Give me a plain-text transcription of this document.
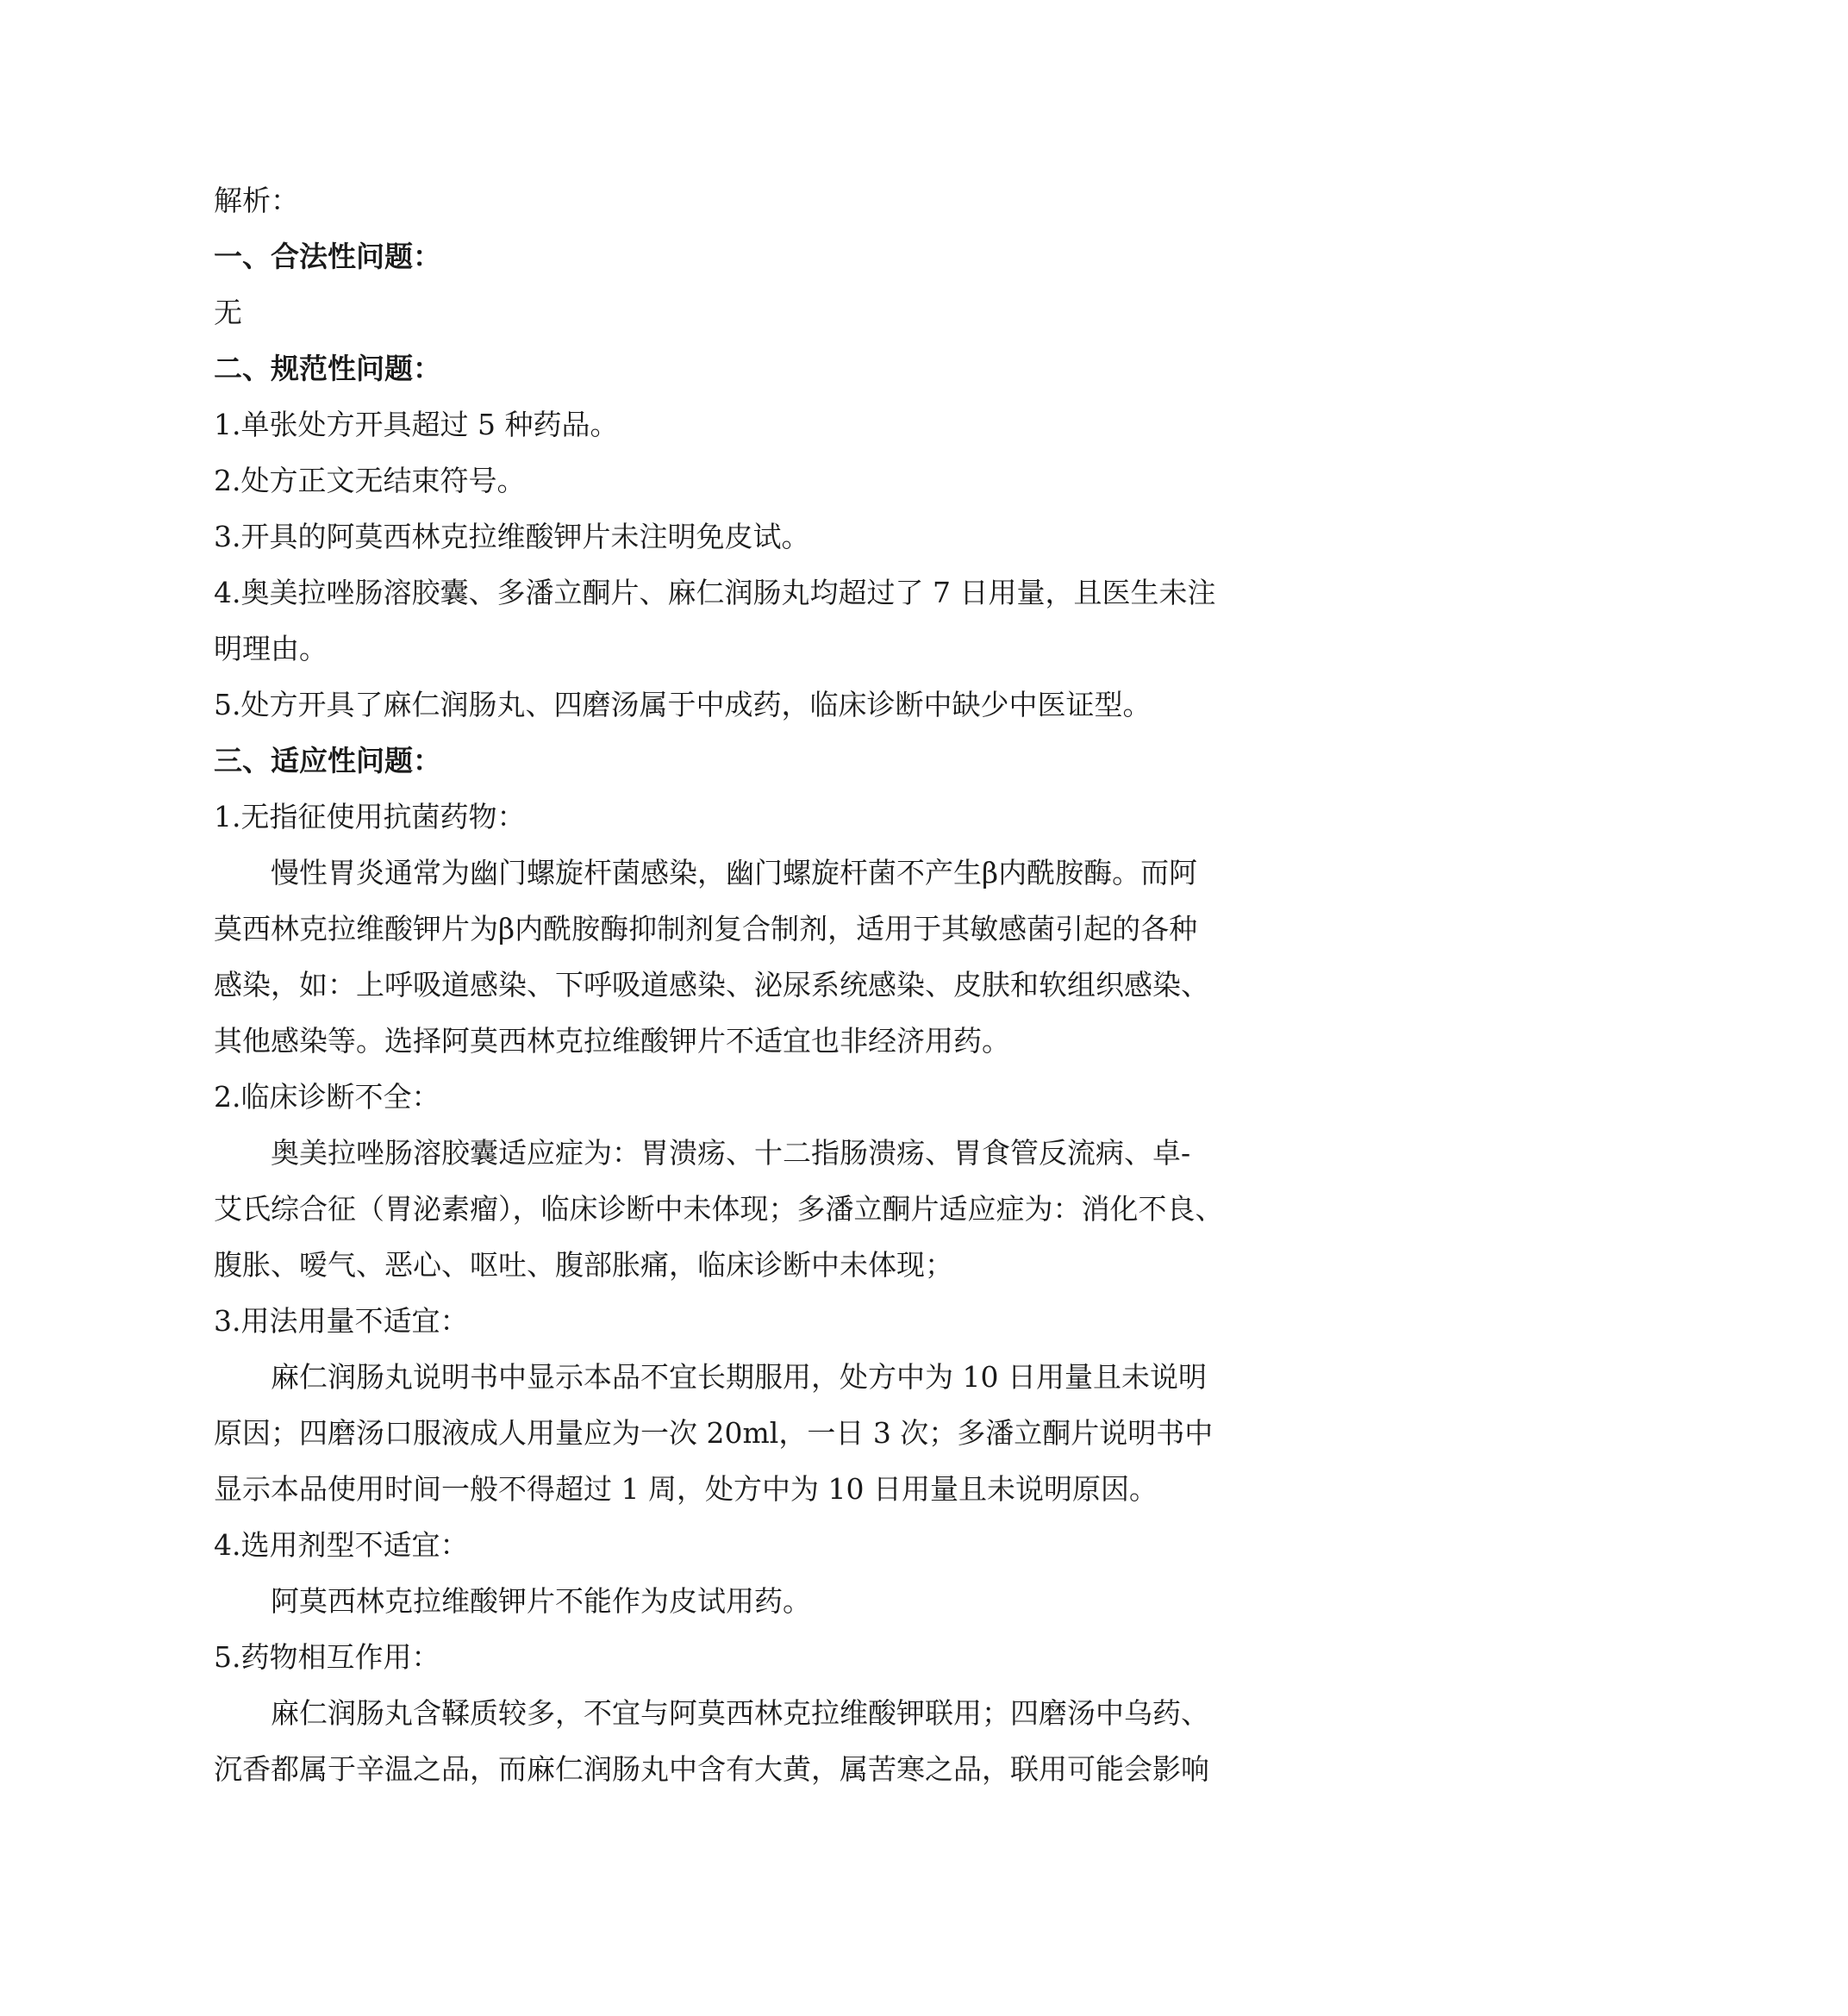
解析：
一、合法性问题：
无
二、规范性问题：
1.单张处方开具超过 5 种药品。
2.处方正文无结束符号。
3.开具的阿莫西林克拉维酸钾片未注明免皮试。
4.奥美拉唑肠溶胶囊、多潘立酮片、麻仁润肠丸均超过了 7 日用量，且医生未注
明理由。
5.处方开具了麻仁润肠丸、四磨汤属于中成药，临床诊断中缺少中医证型。
三、适应性问题：
1.无指征使用抗菌药物：
慢性胃炎通常为幽门螺旋杆菌感染，幽门螺旋杆菌不产生β内酰胺酶。而阿
莫西林克拉维酸钾片为β内酰胺酶抑制剂复合制剂，适用于其敏感菌引起的各种
感染，如：上呼吸道感染、下呼吸道感染、泌尿系统感染、皮肤和软组织感染、
其他感染等。选择阿莫西林克拉维酸钾片不适宜也非经济用药。
2.临床诊断不全：
奥美拉唑肠溶胶囊适应症为：胃溃疡、十二指肠溃疡、胃食管反流病、卓-
艾氏综合征（胃泌素瘤），临床诊断中未体现；多潘立酮片适应症为：消化不良、
腹胀、嗳气、恶心、呕吐、腹部胀痛，临床诊断中未体现；
3.用法用量不适宜：
麻仁润肠丸说明书中显示本品不宜长期服用，处方中为 10 日用量且未说明
原因；四磨汤口服液成人用量应为一次 20ml，一日 3 次；多潘立酮片说明书中
显示本品使用时间一般不得超过 1 周，处方中为 10 日用量且未说明原因。
4.选用剂型不适宜：
阿莫西林克拉维酸钾片不能作为皮试用药。
5.药物相互作用：
麻仁润肠丸含鞣质较多，不宜与阿莫西林克拉维酸钾联用；四磨汤中乌药、
沉香都属于辛温之品，而麻仁润肠丸中含有大黄，属苦寒之品，联用可能会影响
